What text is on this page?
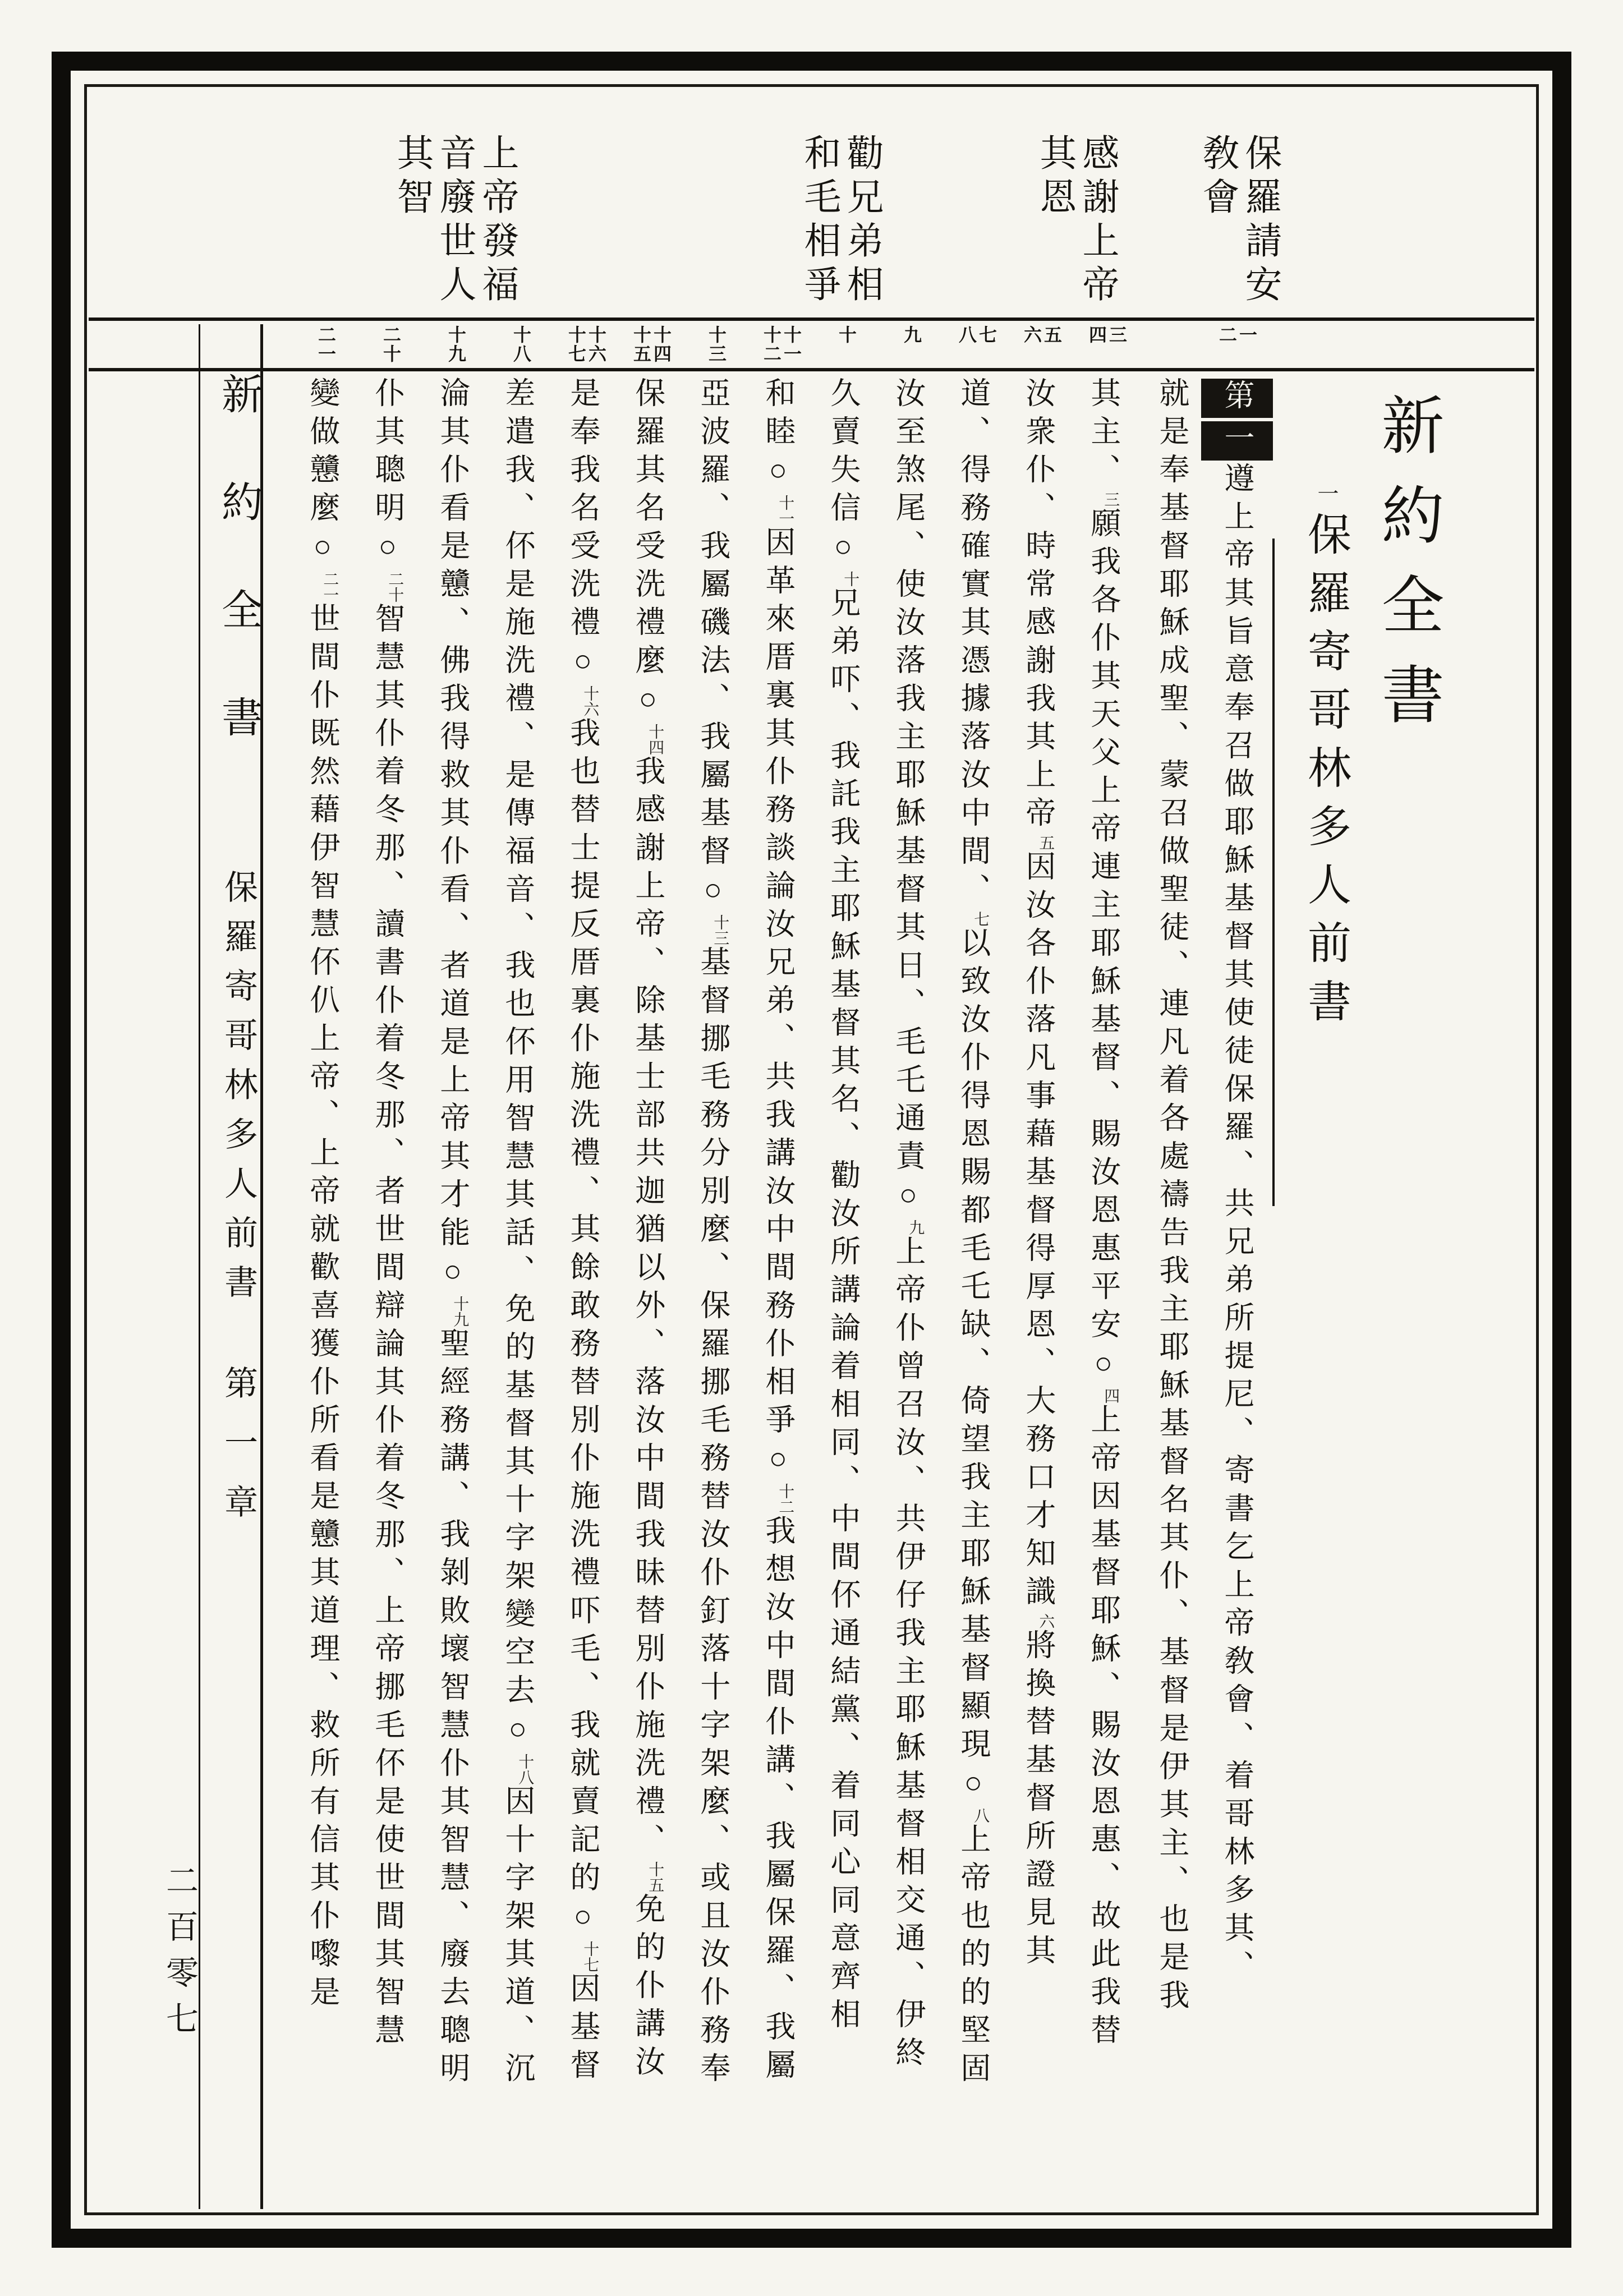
保羅請安
敎會
感謝上帝
其恩
勸兄弟相
和毛相爭
上帝發福
音廢世人
其智
一
二
三
四
五
六
七
八
九
十
十一
十二
十三
十四
十五
十六
十七
十八
十九
二十
二一
新約全書
一保羅寄哥林多人前書
第一遵上帝其旨意奉召做耶穌基督其使徒保羅、共兄弟所提尼、寄書乞上帝敎會、着哥林多其、
就是奉基督耶穌成聖、蒙召做聖徒、連凡着各處禱告我主耶穌基督名其仆、基督是伊其主、也是我
其主、三願我各仆其天父上帝連主耶穌基督、賜汝恩惠平安○四上帝因基督耶穌、賜汝恩惠、故此我替
汝衆仆、時常感謝我其上帝五因汝各仆落凡事藉基督得厚恩、大務口才知識六將換替基督所證見其
道、得務確實其憑據落汝中間、七以致汝仆得恩賜都毛乇缺、倚望我主耶穌基督顯現○八上帝也的的堅固
汝至煞尾、使汝落我主耶穌基督其日、毛乇通責○九上帝仆曾召汝、共伊仔我主耶穌基督相交通、伊終
久賣失信○十兄弟吓、我託我主耶穌基督其名、勸汝所講論着相同、中間伓通結黨、着同心同意齊相
和睦○十一因革來厝裏其仆務談論汝兄弟、共我講汝中間務仆相爭○十二我想汝中間仆講、我屬保羅、我屬
亞波羅、我屬磯法、我屬基督○十三基督挪毛務分別麼、保羅挪毛務替汝仆釘落十字架麼、或且汝仆務奉
保羅其名受洗禮麼○十四我感謝上帝、除基士部共迦猶以外、落汝中間我昧替別仆施洗禮、十五免的仆講汝
是奉我名受洗禮○十六我也替士提反厝裏仆施洗禮、其餘敢務替別仆施洗禮吓毛、我就賣記的○十七因基督
差遣我、伓是施洗禮、是傳福音、我也伓用智慧其話、免的基督其十字架變空去○十八因十字架其道、沉
淪其仆看是戇、佛我得救其仆看、者道是上帝其才能○十九聖經務講、我剝敗壞智慧仆其智慧、廢去聰明
仆其聰明○二十智慧其仆着冬那、讀書仆着冬那、者世間辯論其仆着冬那、上帝挪毛伓是使世間其智慧
變做戇麼○二一世間仆既然藉伊智慧伓仈上帝、上帝就歡喜獲仆所看是戇其道理、救所有信其仆嚟是
新約全書保羅寄哥林多人前書第一章
二百零七
